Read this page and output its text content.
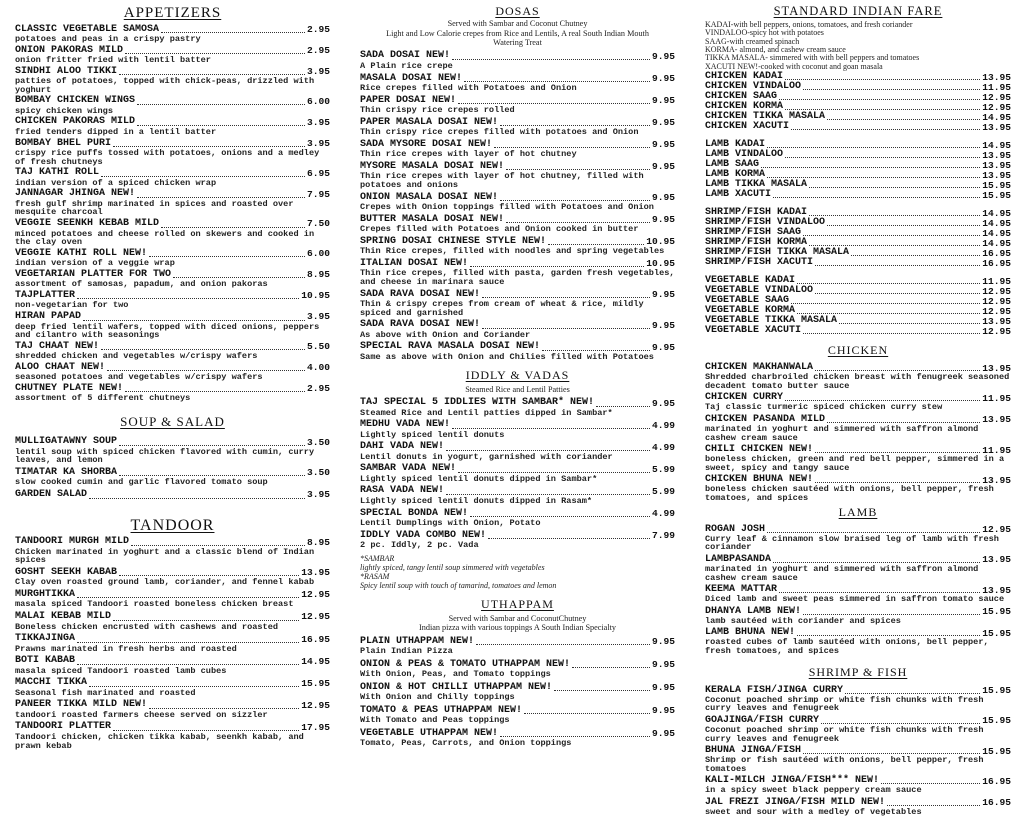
APPETIZERS
CLASSIC VEGETABLE SAMOSA	2.95
potatoes and peas in a crispy pastry
ONION PAKORAS MILD	2.95
onion fritter fried with lentil batter
SINDHI ALOO TIKKI	3.95
patties of potatoes, topped with chick-peas, drizzled with yoghurt
BOMBAY CHICKEN WINGS	6.00
spicy chicken wings
CHICKEN PAKORAS MILD	3.95
fried tenders dipped in a lentil batter
BOMBAY BHEL PURI	3.95
crispy rice puffs tossed with potatoes, onions and a medley of fresh chutneys
TAJ KATHI ROLL	6.95
indian version of a spiced chicken wrap
JANNAGAR JHINGA NEW!	7.95
fresh gulf shrimp marinated in spices and roasted over mesquite charcoal
VEGGIE SEENKH KEBAB MILD	7.50
minced potatoes and cheese rolled on skewers and cooked in the clay oven
VEGGIE KATHI ROLL NEW!	6.00
indian version of a veggie wrap
VEGETARIAN PLATTER FOR TWO	8.95
assortment of samosas, papadum, and onion pakoras
TAJPLATTER	10.95
non-vegetarian for two
HIRAN PAPAD	3.95
deep fried lentil wafers, topped with diced onions, peppers and cilantro with seasonings
TAJ CHAAT NEW!	5.50
shredded chicken and vegetables w/crispy wafers
ALOO CHAAT NEW!	4.00
seasoned potatoes and vegetables w/crispy wafers
CHUTNEY PLATE NEW!	2.95
assortment of 5 different chutneys
SOUP & SALAD
MULLIGATAWNY SOUP	3.50
lentil soup with spiced chicken flavored with cumin, curry leaves, and lemon
TIMATAR KA SHORBA	3.50
slow cooked cumin and garlic flavored tomato soup
GARDEN SALAD	3.95
TANDOOR
TANDOORI MURGH MILD	8.95
Chicken marinated in yoghurt and a classic blend of Indian spices
GOSHT SEEKH KABAB	13.95
Clay oven roasted ground lamb, coriander, and fennel kabab
MURGHTIKKA	12.95
masala spiced Tandoori roasted boneless chicken breast
MALAI KEBAB MILD	12.95
Boneless chicken encrusted with cashews and roasted
TIKKAJINGA	16.95
Prawns marinated in fresh herbs and roasted
BOTI KABAB	14.95
masala spiced Tandoori roasted lamb cubes
MACCHI TIKKA	15.95
Seasonal fish marinated and roasted
PANEER TIKKA MILD NEW!	12.95
tandoori roasted farmers cheese served on sizzler
TANDOORI PLATTER	17.95
Tandoori chicken, chicken tikka kabab, seenkh kabab, and prawn kebab
DOSAS
Served with Sambar and Coconut Chutney
Light and Low Calorie crepes from Rice and Lentils, A real South Indian Mouth Watering Treat
SADA DOSAI NEW!	9.95
A Plain rice crepe
MASALA DOSAI NEW!	9.95
Rice crepes filled with Potatoes and Onion
PAPER DOSAI NEW!	9.95
Thin crispy rice crepes rolled
PAPER MASALA DOSAI NEW!	9.95
Thin crispy rice crepes filled with potatoes and Onion
SADA MYSORE DOSAI NEW!	9.95
Thin rice crepes with layer of hot chutney
MYSORE MASALA DOSAI NEW!	9.95
Thin rice crepes with layer of hot chutney, filled with potatoes and onions
ONION MASALA DOSAI NEW!	9.95
Crepes with Onion toppings filled with Potatoes and Onion
BUTTER MASALA DOSAI NEW!	9.95
Crepes filled with Potatoes and Onion cooked in butter
SPRING DOSAI CHINESE STYLE NEW!	10.95
Thin Rice crepes, filled with noodles and spring vegetables
ITALIAN DOSAI NEW!	10.95
Thin rice crepes, filled with pasta, garden fresh vegetables, and cheese in marinara sauce
SADA RAVA DOSAI NEW!	9.95
Thin & crispy crepes from cream of wheat & rice, mildly spiced and garnished
SADA RAVA DOSAI NEW!	9.95
As above with Onion and Coriander
SPECIAL RAVA MASALA DOSAI NEW!	9.95
Same as above with Onion and Chilies filled with Potatoes
IDDLY & VADAS
Steamed Rice and Lentil Patties
TAJ SPECIAL 5 IDDLIES WITH SAMBAR* NEW!	9.95
Steamed Rice and Lentil patties dipped in Sambar*
MEDHU VADA NEW!	4.99
Lightly spiced lentil donuts
DAHI VADA NEW!	4.99
Lentil donuts in yogurt, garnished with coriander
SAMBAR VADA NEW!	5.99
Lightly spiced lentil donuts dipped in Sambar*
RASA VADA NEW!	5.99
Lightly spiced lentil donuts dipped in Rasam*
SPECIAL BONDA NEW!	4.99
Lentil Dumplings with Onion, Potato
IDDLY VADA COMBO NEW!	7.99
2 pc. Iddly, 2 pc. Vada
*SAMBAR
lightly spiced, tangy lentil soup simmered with vegetables
*RASAM
Spicy lentil soup with touch of tamarind, tomatoes and lemon
UTHAPPAM
Served with Sambar and CoconutChutney
Indian pizza with various toppings A South Indian Specialty
PLAIN UTHAPPAM NEW!	9.95
Plain Indian Pizza
ONION & PEAS & TOMATO UTHAPPAM NEW!	9.95
With Onion, Peas, and Tomato toppings
ONION & HOT CHILLI UTHAPPAM NEW!	9.95
With Onion and Chilly toppings
TOMATO & PEAS UTHAPPAM NEW!	9.95
With Tomato and Peas toppings
VEGETABLE UTHAPPAM NEW!	9.95
Tomato, Peas, Carrots, and Onion toppings
STANDARD INDIAN FARE
KADAI-with bell peppers, onions, tomatoes, and fresh coriander
VINDALOO-spicy hot with potatoes
SAAG-with creamed spinach
KORMA- almond, and cashew cream sauce
TIKKA MASALA- simmered with with bell peppers and tomatoes
XACUTI NEW!-cooked with coconut and goan masala
CHICKEN KADAI	13.95
CHICKEN VINDALOO	11.95
CHICKEN SAAG	12.95
CHICKEN KORMA	12.95
CHICKEN TIKKA MASALA	14.95
CHICKEN XACUTI	13.95
LAMB KADAI	14.95
LAMB VINDALOO	13.95
LAMB SAAG	13.95
LAMB KORMA	13.95
LAMB TIKKA MASALA	15.95
LAMB XACUTI	15.95
SHRIMP/FISH KADAI	14.95
SHRIMP/FISH VINDALOO	14.95
SHRIMP/FISH SAAG	14.95
SHRIMP/FISH KORMA	14.95
SHRIMP/FISH TIKKA MASALA	16.95
SHRIMP/FISH XACUTI	16.95
VEGETABLE KADAI	11.95
VEGETABLE VINDALOO	12.95
VEGETABLE SAAG	12.95
VEGETABLE KORMA	12.95
VEGETABLE TIKKA MASALA	13.95
VEGETABLE XACUTI	12.95
CHICKEN
CHICKEN MAKHANWALA	13.95
Shredded charbroiled chicken breast with fenugreek seasoned decadent tomato butter sauce
CHICKEN CURRY	11.95
Taj classic turmeric spiced chicken curry stew
CHICKEN PASANDA MILD	13.95
marinated in yoghurt and simmered with saffron almond cashew cream sauce
CHILI CHICKEN NEW!	11.95
boneless chicken, green and red bell pepper, simmered in a sweet, spicy and tangy sauce
CHICKEN BHUNA NEW!	13.95
boneless chicken sautéed with onions, bell pepper, fresh tomatoes, and spices
LAMB
ROGAN JOSH	12.95
Curry leaf & cinnamon slow braised leg of lamb with fresh coriander
LAMBPASANDA	13.95
marinated in yoghurt and simmered with saffron almond cashew cream sauce
KEEMA MATTAR	13.95
Diced lamb and sweet peas simmered in saffron tomato sauce
DHANYA LAMB NEW!	15.95
lamb sautéed with coriander and spices
LAMB BHUNA NEW!	15.95
roasted cubes of lamb sautéed with onions, bell pepper, fresh tomatoes, and spices
SHRIMP & FISH
KERALA FISH/JINGA CURRY	15.95
Coconut poached shrimp or white fish chunks with fresh curry leaves and fenugreek
GOAJINGA/FISH CURRY	15.95
Coconut poached shrimp or white fish chunks with fresh curry leaves and fenugreek
BHUNA JINGA/FISH	15.95
Shrimp or fish sautéed with onions, bell pepper, fresh tomatoes
KALI-MILCH JINGA/FISH*** NEW!	16.95
in a spicy sweet black peppery cream sauce
JAL FREZI JINGA/FISH MILD NEW!	16.95
sweet and sour with a medley of vegetables
